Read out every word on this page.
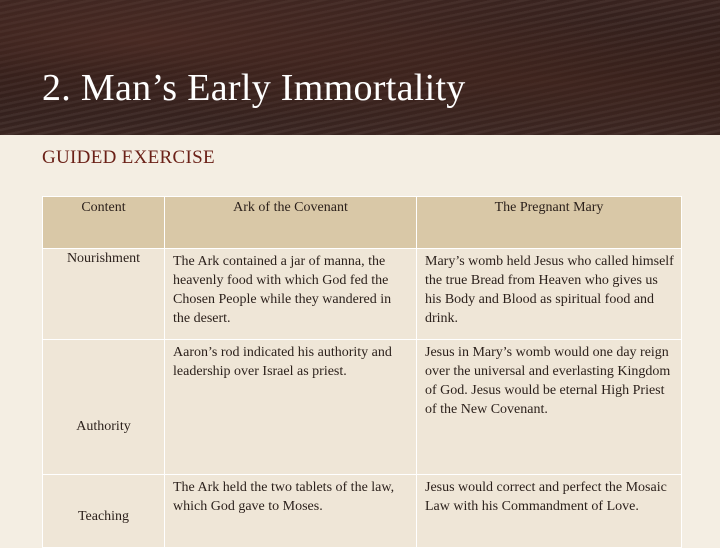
2. Man’s Early Immortality
GUIDED EXERCISE
Content	Ark of the Covenant	The Pregnant Mary
Nourishment	The Ark contained a jar of manna, the heavenly food with which God fed the Chosen People while they wandered in the desert.	Mary’s womb held Jesus who called himself the true Bread from Heaven who gives us his Body and Blood as spiritual food and drink.
Authority	Aaron’s rod indicated his authority and leadership over Israel as priest.	Jesus in Mary’s womb would one day reign over the universal and everlasting Kingdom of God. Jesus would be eternal High Priest of the New Covenant.
Teaching	The Ark held the two tablets of the law, which God gave to Moses.	Jesus would correct and perfect the Mosaic Law with his Commandment of Love.
